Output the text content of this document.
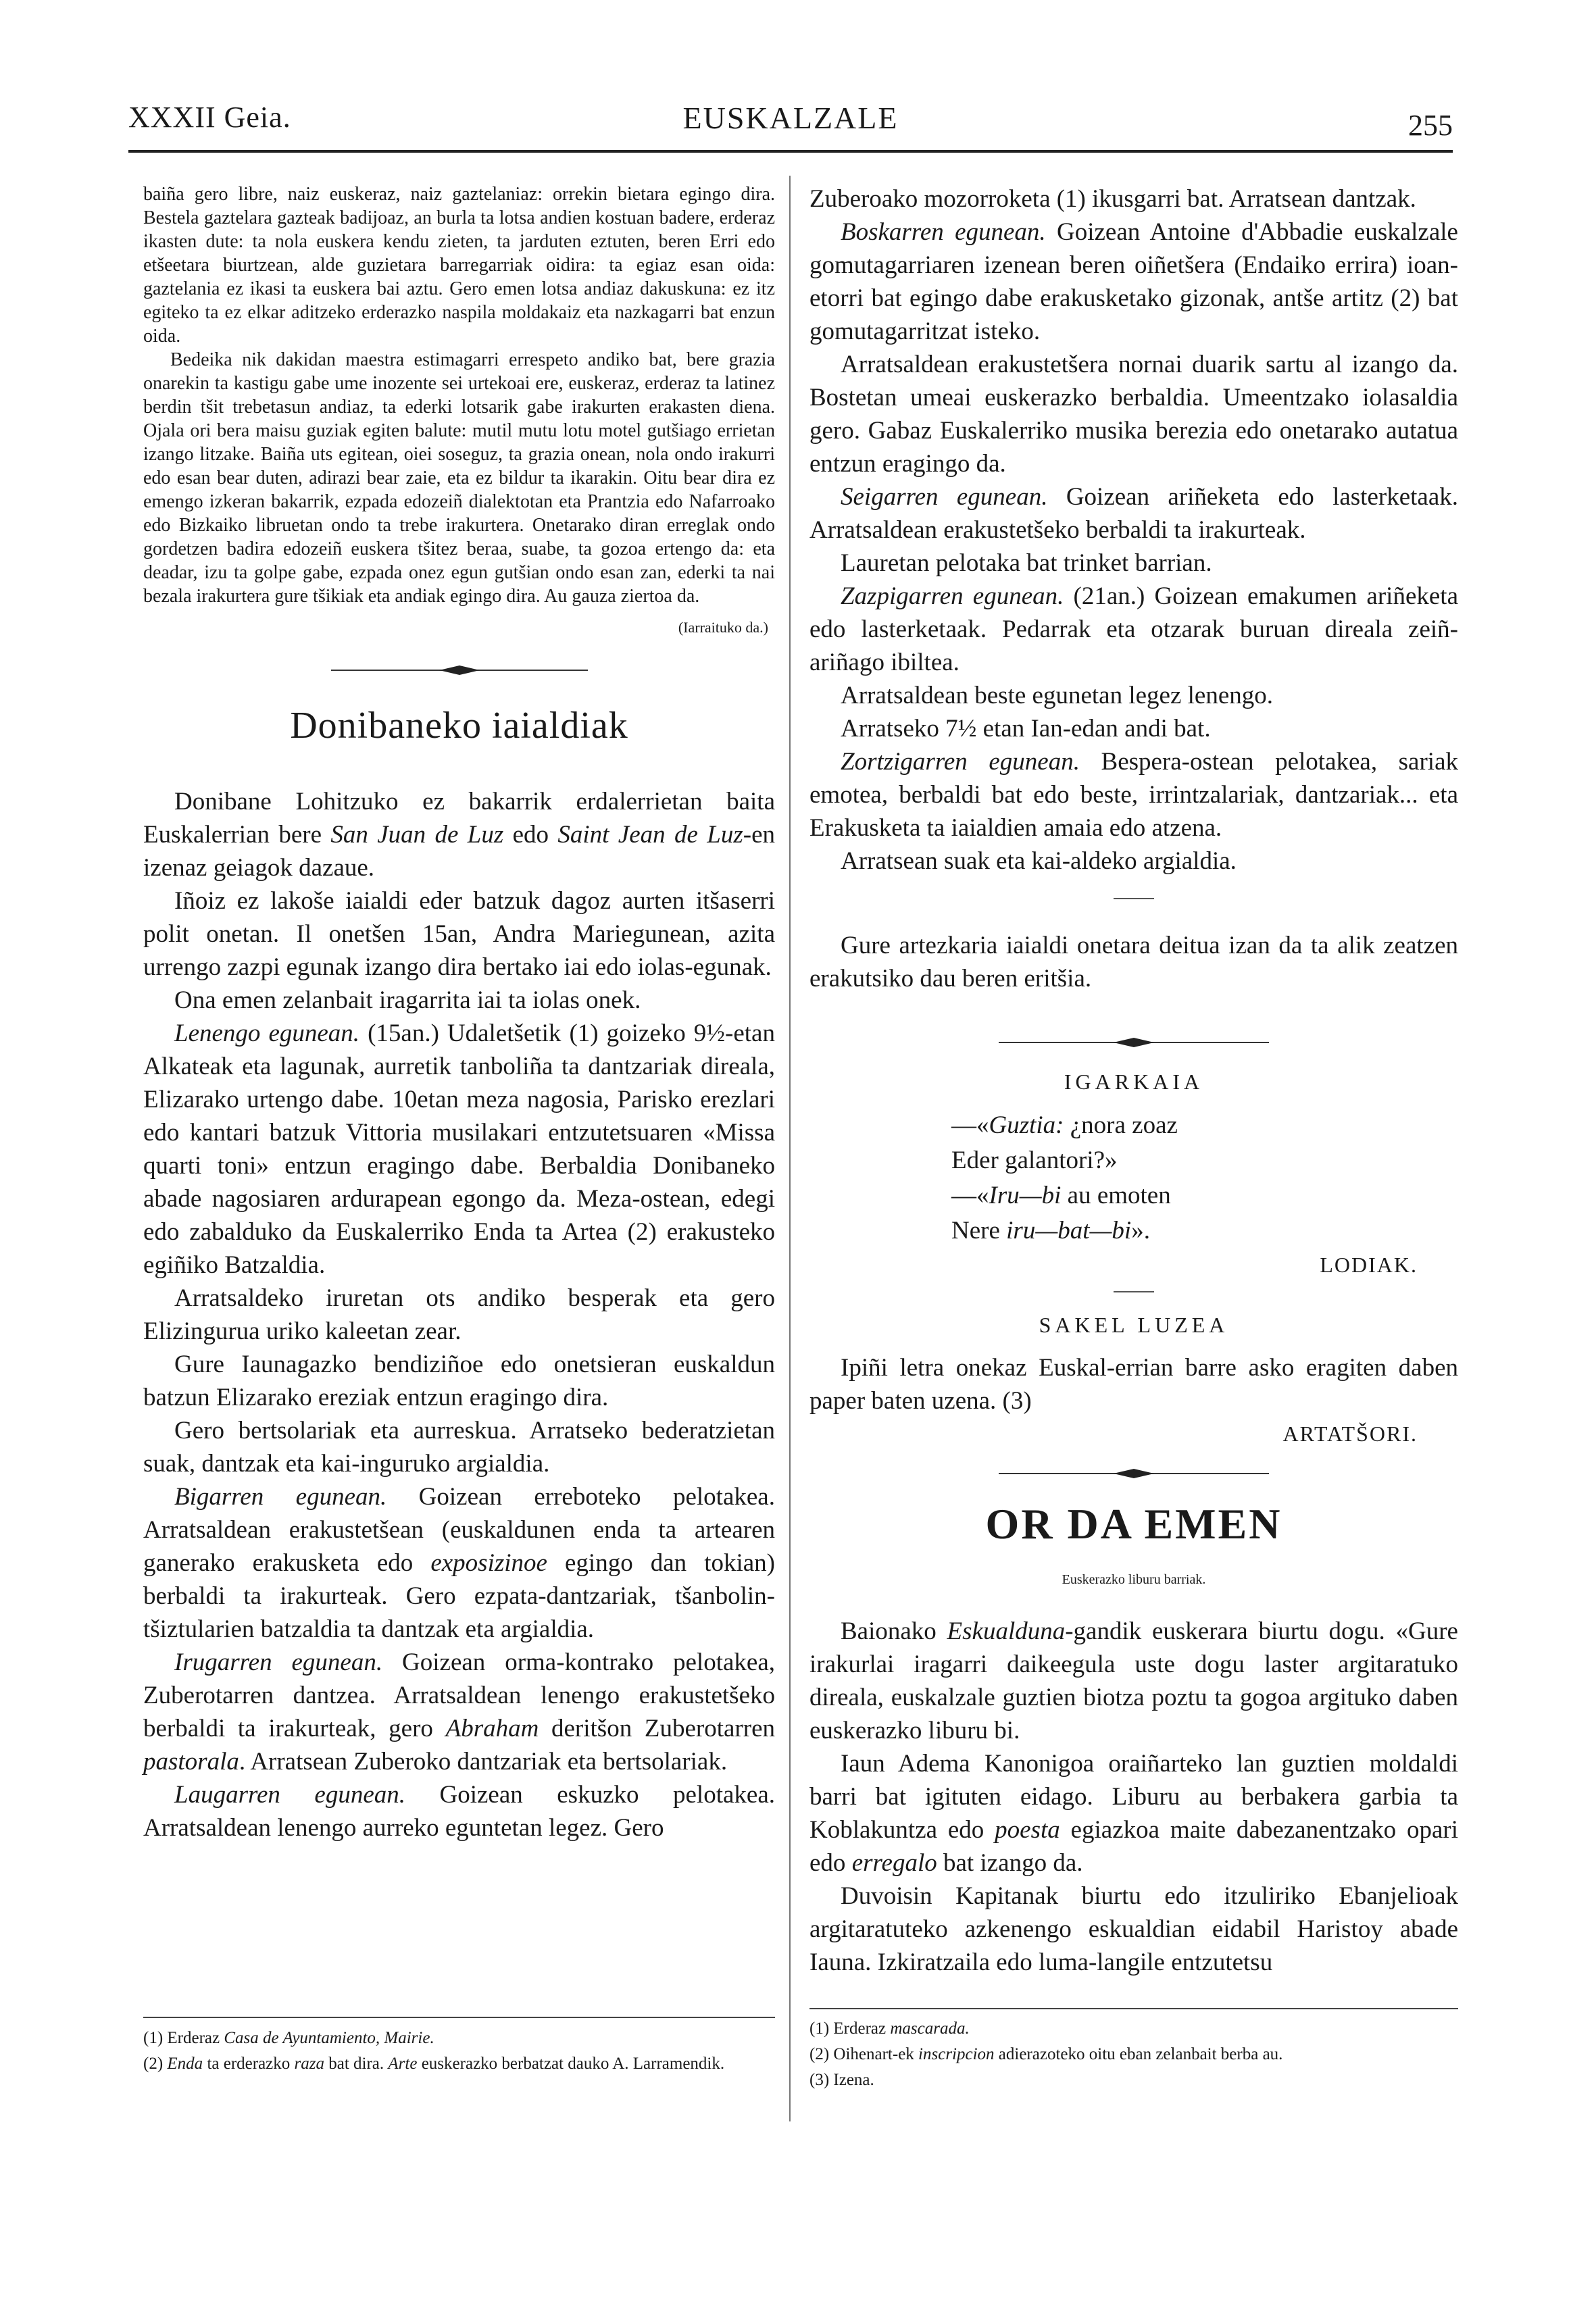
XXXII Geia.	EUSKALZALE	255

baiña gero libre, naiz euskeraz, naiz gaztelaniaz: orrekin bietara egingo dira. Bestela gaztelara gazteak badijoaz, an burla ta lotsa andien kostuan badere, erderaz ikasten dute: ta nola euskera kendu zieten, ta jarduten eztuten, beren Erri edo etšeetara biurtzean, alde guzietara barregarriak oidira: ta egiaz esan oida: gaztelania ez ikasi ta euskera bai aztu. Gero emen lotsa andiaz dakuskuna: ez itz egiteko ta ez elkar aditzeko erderazko naspila moldakaiz eta nazkagarri bat enzun oida.

Bedeika nik dakidan maestra estimagarri errespeto andiko bat, bere grazia onarekin ta kastigu gabe ume inozente sei urtekoai ere, euskeraz, erderaz ta latinez berdin tšit trebetasun andiaz, ta ederki lotsarik gabe irakurten erakasten diena. Ojala ori bera maisu guziak egiten balute: mutil mutu lotu motel gutšiago errietan izango litzake. Baiña uts egitean, oiei soseguz, ta grazia onean, nola ondo irakurri edo esan bear duten, adirazi bear zaie, eta ez bildur ta ikarakin. Oitu bear dira ez emengo izkeran bakarrik, ezpada edozeiñ dialektotan eta Prantzia edo Nafarroako edo Bizkaiko libruetan ondo ta trebe irakurtera. Onetarako diran erreglak ondo gordetzen badira edozeiñ euskera tšitez beraa, suabe, ta gozoa ertengo da: eta deadar, izu ta golpe gabe, ezpada onez egun gutšian ondo esan zan, ederki ta nai bezala irakurtera gure tšikiak eta andiak egingo dira. Au gauza ziertoa da.

(Iarraituko da.)
Donibaneko iaialdiak

Donibane Lohitzuko ez bakarrik erdalerrietan baita Euskalerrian bere San Juan de Luz edo Saint Jean de Luz-en izenaz geiagok dazaue.

Iñoiz ez lakoše iaialdi eder batzuk dagoz aurten itšaserri polit onetan. Il onetšen 15an, Andra Mariegunean, azita urrengo zazpi egunak izango dira bertako iai edo iolas-egunak.

Ona emen zelanbait iragarrita iai ta iolas onek.

Lenengo egunean. (15an.) Udaletšetik (1) goizeko 9½-etan Alkateak eta lagunak, aurretik tanboliña ta dantzariak direala, Elizarako urtengo dabe. 10etan meza nagosia, Parisko erezlari edo kantari batzuk Vittoria musilakari entzutetsuaren «Missa quarti toni» entzun eragingo dabe. Berbaldia Donibaneko abade nagosiaren ardurapean egongo da. Meza-ostean, edegi edo zabalduko da Euskalerriko Enda ta Artea (2) erakusteko egiñiko Batzaldia.

Arratsaldeko iruretan ots andiko besperak eta gero Elizingurua uriko kaleetan zear.

Gure Iaunagazko bendiziñoe edo onetsieran euskaldun batzun Elizarako ereziak entzun eragingo dira.

Gero bertsolariak eta aurreskua. Arratseko bederatzietan suak, dantzak eta kai-inguruko argialdia.

Bigarren egunean. Goizean erreboteko pelotakea. Arratsaldean erakustetšean (euskaldunen enda ta artearen ganerako erakusketa edo exposizinoe egingo dan tokian) berbaldi ta irakurteak. Gero ezpata-dantzariak, tšanbolin-tšiztularien batzaldia ta dantzak eta argialdia.

Irugarren egunean. Goizean orma-kontrako pelotakea, Zuberotarren dantzea. Arratsaldean lenengo erakustetšeko berbaldi ta irakurteak, gero Abraham deritšon Zuberotarren pastorala. Arratsean Zuberoko dantzariak eta bertsolariak.

Laugarren egunean. Goizean eskuzko pelotakea. Arratsaldean lenengo aurreko eguntetan legez. Gero

Zuberoako mozorroketa (1) ikusgarri bat. Arratsean dantzak.

Boskarren egunean. Goizean Antoine d'Abbadie euskalzale gomutagarriaren izenean beren oiñetšera (Endaiko errira) ioan-etorri bat egingo dabe erakusketako gizonak, antše artitz (2) bat gomutagarritzat isteko.

Arratsaldean erakustetšera nornai duarik sartu al izango da. Bostetan umeai euskerazko berbaldia. Umeentzako iolasaldia gero. Gabaz Euskalerriko musika berezia edo onetarako autatua entzun eragingo da.

Seigarren egunean. Goizean ariñeketa edo lasterketaak. Arratsaldean erakustetšeko berbaldi ta irakurteak.

Lauretan pelotaka bat trinket barrian.

Zazpigarren egunean. (21an.) Goizean emakumen ariñeketa edo lasterketaak. Pedarrak eta otzarak buruan direala zeiñ-ariñago ibiltea.

Arratsaldean beste egunetan legez lenengo.

Arratseko 7½ etan Ian-edan andi bat.

Zortzigarren egunean. Bespera-ostean pelotakea, sariak emotea, berbaldi bat edo beste, irrintzalariak, dantzariak... eta Erakusketa ta iaialdien amaia edo atzena.

Arratsean suak eta kai-aldeko argialdia.

Gure artezkaria iaialdi onetara deitua izan da ta alik zeatzen erakutsiko dau beren eritšia.

IGARKAIA
—«Guztia: ¿nora zoaz
Eder galantori?»
—«Iru—bi au emoten
Nere iru—bat—bi».
LODIAK.
SAKEL LUZEA

Ipiñi letra onekaz Euskal-errian barre asko eragiten daben paper baten uzena. (3)

ARTATŠORI.
OR DA EMEN
Euskerazko liburu barriak.

Baionako Eskualduna-gandik euskerara biurtu dogu. «Gure irakurlai iragarri daikeegula uste dogu laster argitaratuko direala, euskalzale guztien biotza poztu ta gogoa argituko daben euskerazko liburu bi.

Iaun Adema Kanonigoa oraiñarteko lan guztien moldaldi barri bat igituten eidago. Liburu au berbakera garbia ta Koblakuntza edo poesta egiazkoa maite dabezanentzako opari edo erregalo bat izango da.

Duvoisin Kapitanak biurtu edo itzuliriko Ebanjelioak argitaratuteko azkenengo eskualdian eidabil Haristoy abade Iauna. Izkiratzaila edo luma-langile entzutetsu

(1) Erderaz Casa de Ayuntamiento, Mairie.

(2) Enda ta erderazko raza bat dira. Arte euskerazko berbatzat dauko A. Larramendik.

(1) Erderaz mascarada.

(2) Oihenart-ek inscripcion adierazoteko oitu eban zelanbait berba au.

(3) Izena.
